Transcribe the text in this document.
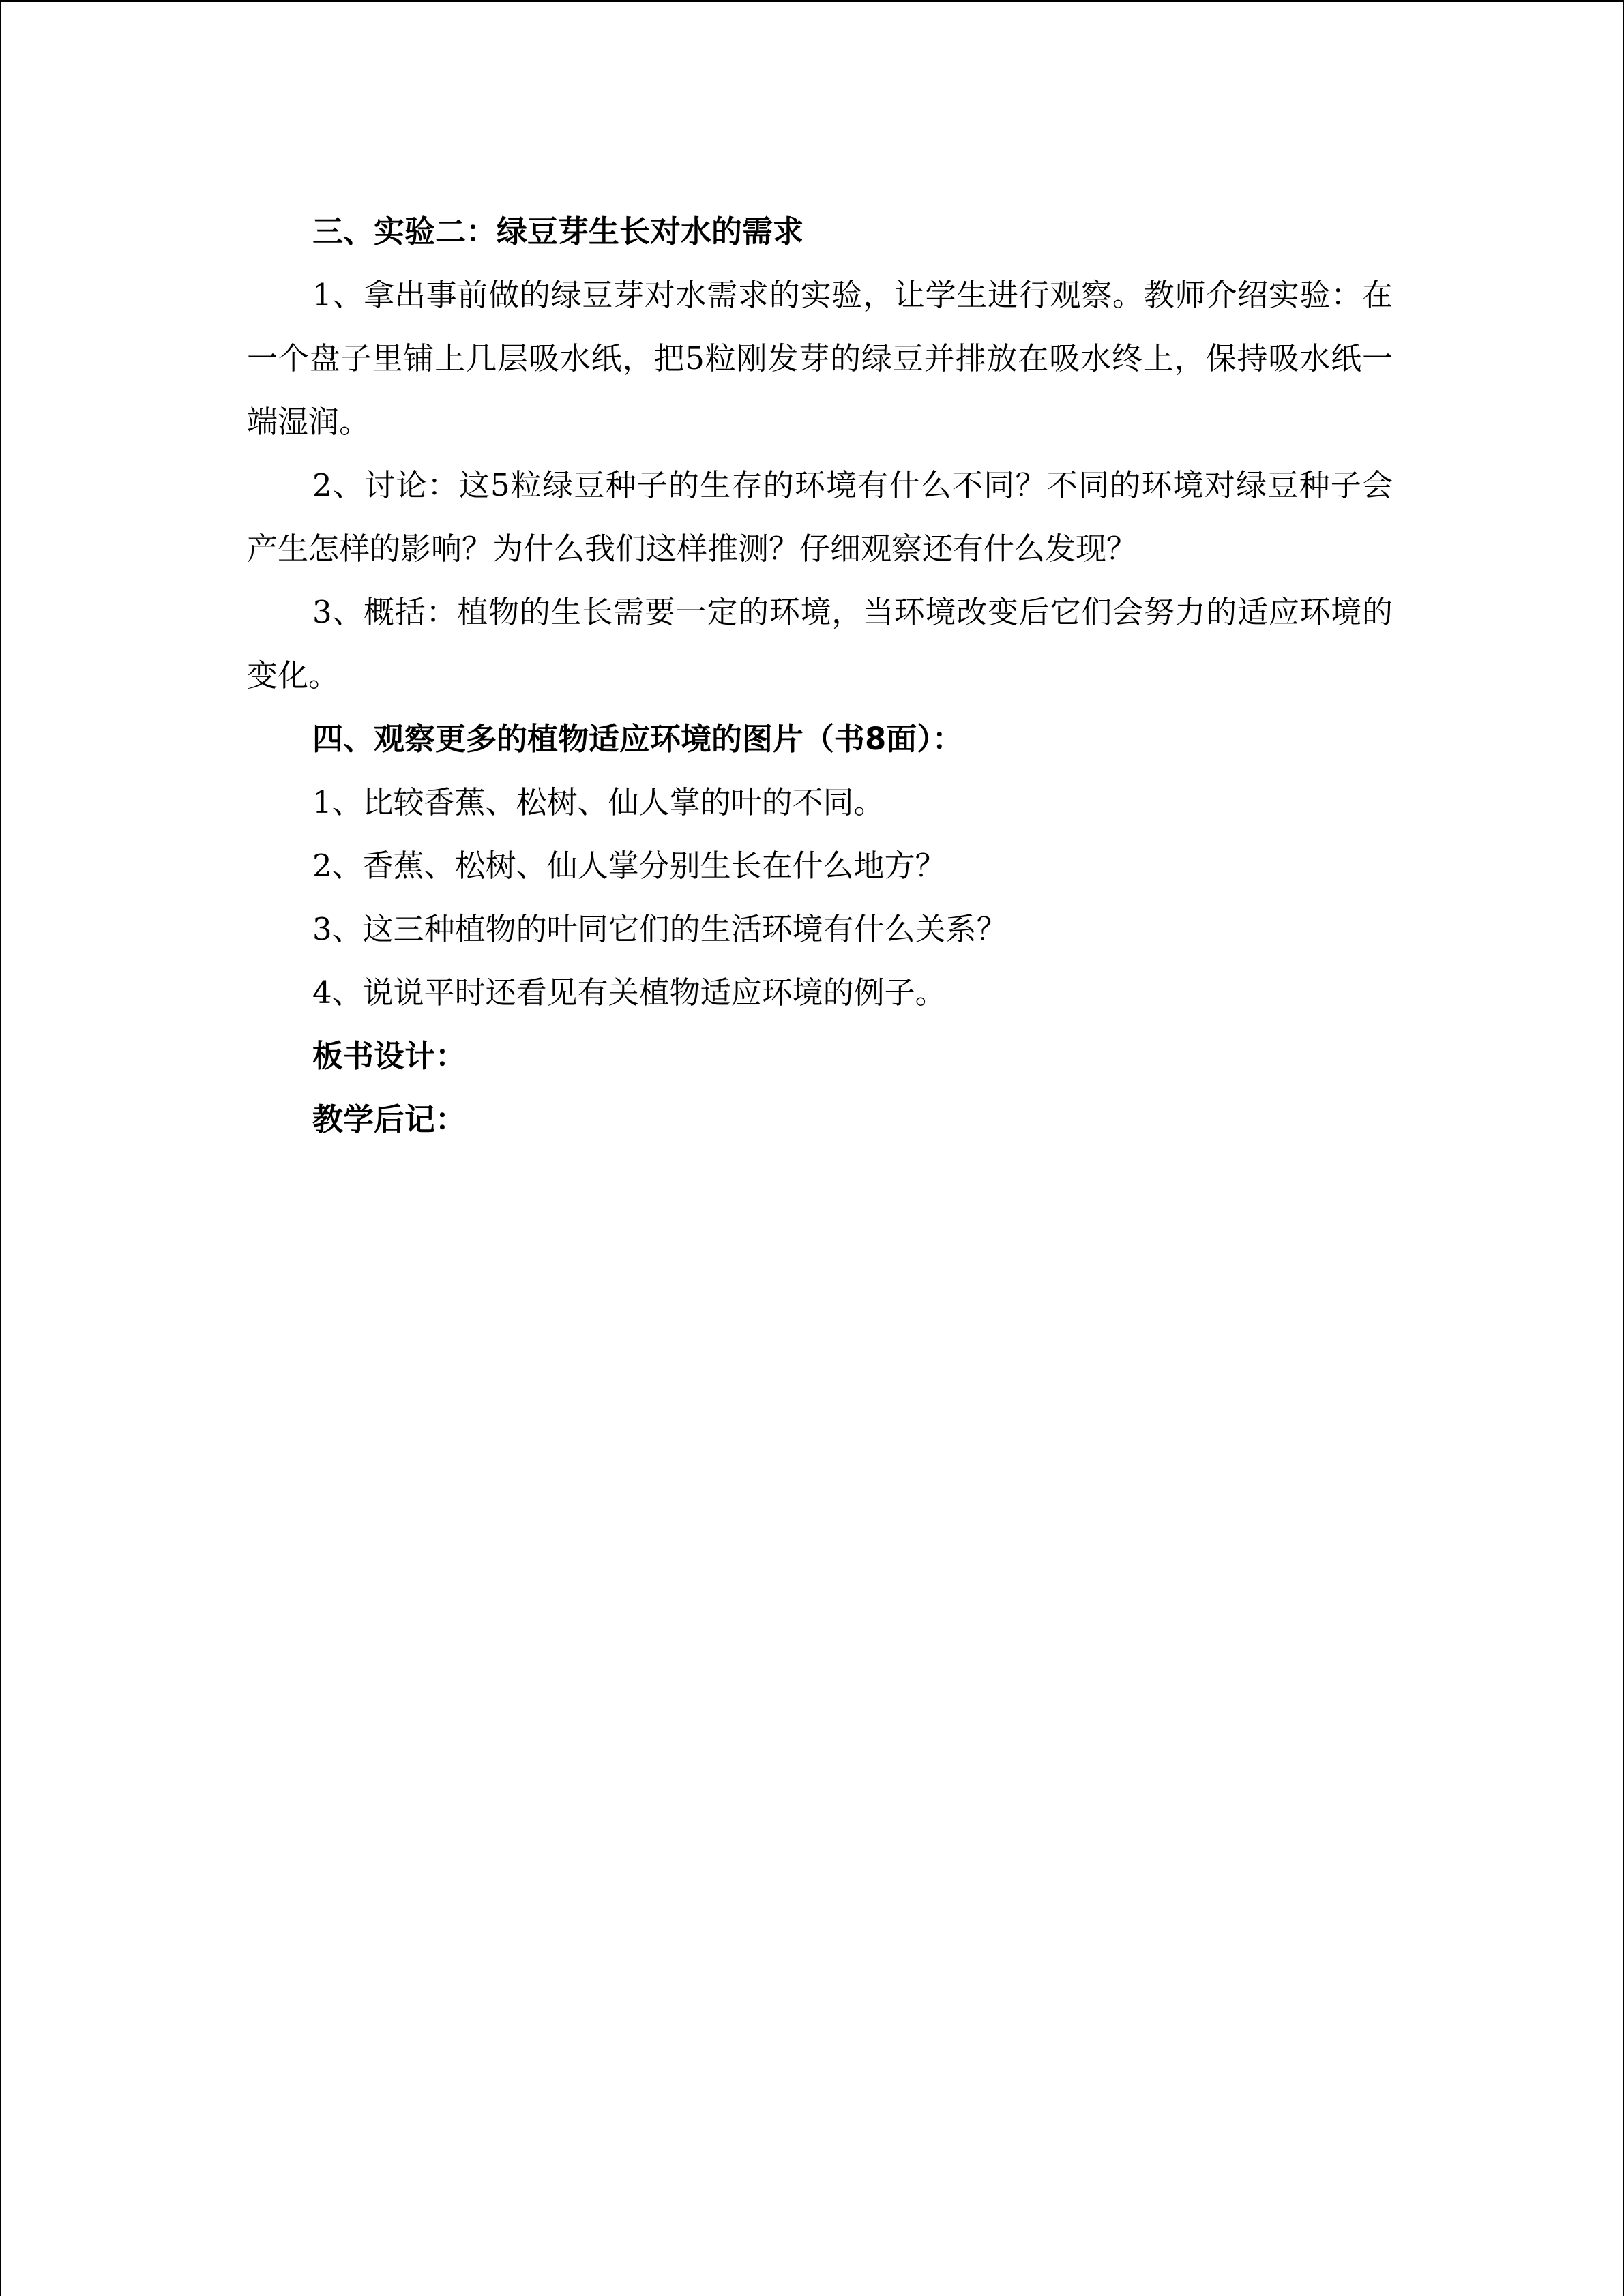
三、实验二：绿豆芽生长对水的需求

1、拿出事前做的绿豆芽对水需求的实验，让学生进行观察。教师介绍实验：在一个盘子里铺上几层吸水纸，把5粒刚发芽的绿豆并排放在吸水终上，保持吸水纸一端湿润。

2、讨论：这5粒绿豆种子的生存的环境有什么不同？不同的环境对绿豆种子会产生怎样的影响？为什么我们这样推测？仔细观察还有什么发现？

3、概括：植物的生长需要一定的环境，当环境改变后它们会努力的适应环境的变化。

四、观察更多的植物适应环境的图片（书8面）：

1、比较香蕉、松树、仙人掌的叶的不同。

2、香蕉、松树、仙人掌分别生长在什么地方？

3、这三种植物的叶同它们的生活环境有什么关系？

4、说说平时还看见有关植物适应环境的例子。

板书设计：

教学后记：
